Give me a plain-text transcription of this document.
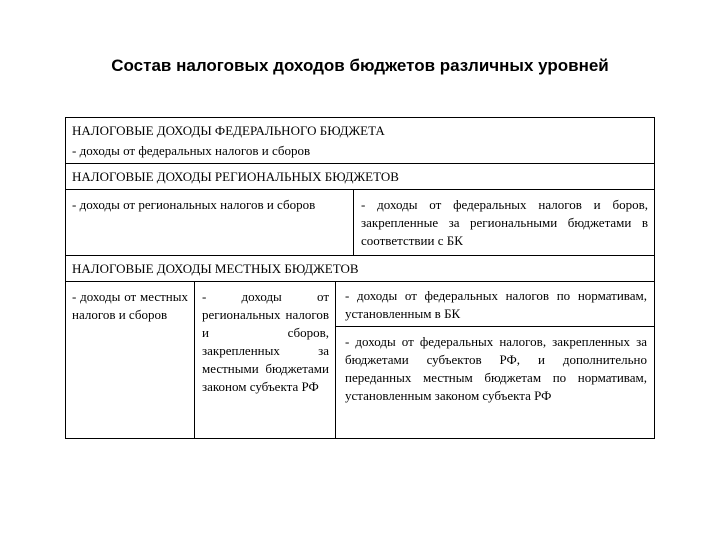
Состав налоговых доходов бюджетов различных уровней
НАЛОГОВЫЕ ДОХОДЫ ФЕДЕРАЛЬНОГО БЮДЖЕТА
- доходы от федеральных налогов и сборов
НАЛОГОВЫЕ ДОХОДЫ РЕГИОНАЛЬНЫХ БЮДЖЕТОВ
- доходы от региональных налогов и сборов	- доходы от федеральных налогов и боров, закрепленные за региональными бюджетами в соответствии с БК
НАЛОГОВЫЕ ДОХОДЫ МЕСТНЫХ БЮДЖЕТОВ
- доходы от местных налогов и сборов
- доходы от региональных налогов и сборов, закрепленных за местными бюджетами законом субъекта РФ
- доходы от федеральных налогов по нормативам, установленным в БК
- доходы от федеральных налогов, закрепленных за бюджетами субъектов РФ, и дополнительно переданных местным бюджетам по нормативам, установленным законом субъекта РФ
